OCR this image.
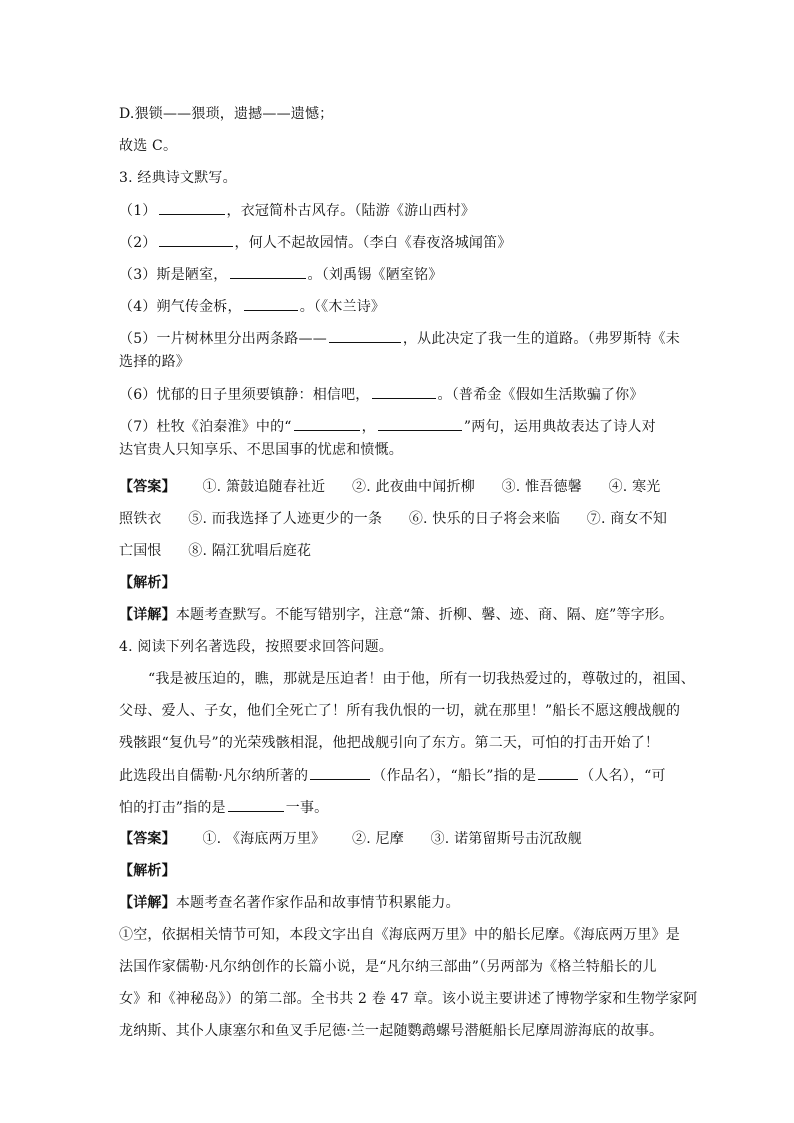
D.猥锁——猥琐，遗撼——遗憾；
故选 C。
3. 经典诗文默写。
（1）	，衣冠简朴古风存。（陆游《游山西村》
（2）	，何人不起故园情。（李白《春夜洛城闻笛》
（3）斯是陋室，	。（刘禹锡《陋室铭》
（4）朔气传金柝，	。（《木兰诗》
（5）一片树林里分出两条路——	，从此决定了我一生的道路。（弗罗斯特《未
选择的路》
（6）忧郁的日子里须要镇静：相信吧，	。（普希金《假如生活欺骗了你》
（7）杜牧《泊秦淮》中的“	，	”两句，运用典故表达了诗人对
达官贵人只知享乐、不思国事的忧虑和愤慨。
【答案】 ①. 箫鼓追随春社近 ②. 此夜曲中闻折柳 ③. 惟吾德馨 ④. 寒光
照铁衣 ⑤. 而我选择了人迹更少的一条 ⑥. 快乐的日子将会来临 ⑦. 商女不知
亡国恨 ⑧. 隔江犹唱后庭花
【解析】
【详解】本题考查默写。不能写错别字，注意“箫、折柳、馨、迹、商、隔、庭”等字形。
4. 阅读下列名著选段，按照要求回答问题。
“我是被压迫的，瞧，那就是压迫者！由于他，所有一切我热爱过的，尊敬过的，祖国、
父母、爱人、子女，他们全死亡了！所有我仇恨的一切，就在那里！”船长不愿这艘战舰的
残骸跟“复仇号”的光荣残骸相混，他把战舰引向了东方。第二天，可怕的打击开始了！
此选段出自儒勒·凡尔纳所著的	（作品名），“船长”指的是	（人名），“可
怕的打击”指的是	一事。
【答案】 ①. 《海底两万里》 ②. 尼摩 ③. 诺第留斯号击沉敌舰
【解析】
【详解】本题考查名著作家作品和故事情节积累能力。
①空，依据相关情节可知，本段文字出自《海底两万里》中的船长尼摩。《海底两万里》是
法国作家儒勒·凡尔纳创作的长篇小说，是“凡尔纳三部曲”（另两部为《格兰特船长的儿
女》和《神秘岛》）的第二部。全书共 2 卷 47 章。该小说主要讲述了博物学家和生物学家阿
龙纳斯、其仆人康塞尔和鱼叉手尼德·兰一起随鹦鹉螺号潜艇船长尼摩周游海底的故事。
